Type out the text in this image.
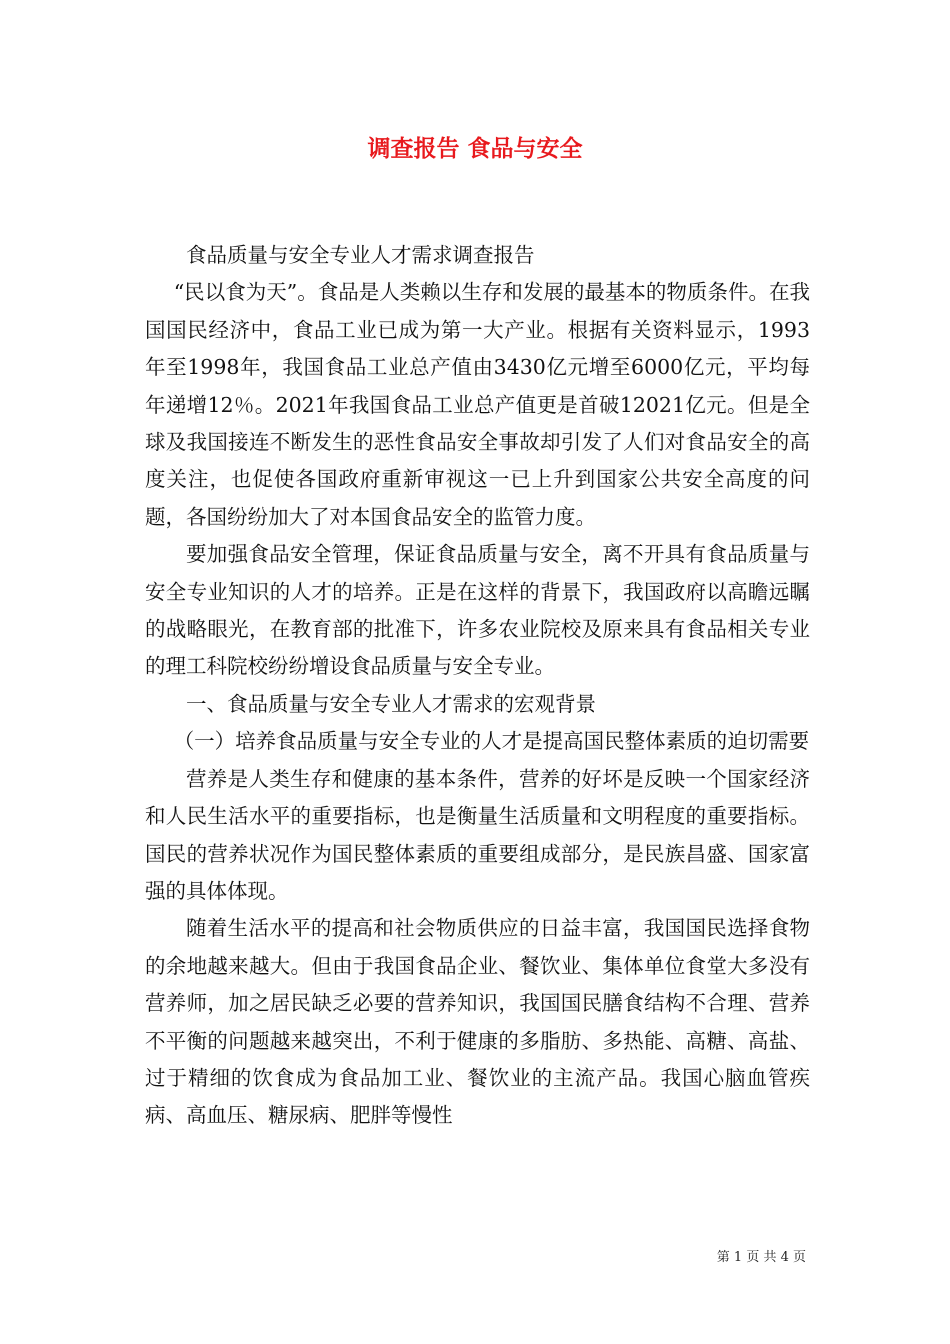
调查报告 食品与安全

食品质量与安全专业人才需求调查报告

“民以食为天”。食品是人类赖以生存和发展的最基本的物质条件。在我国国民经济中，食品工业已成为第一大产业。根据有关资料显示，1993年至1998年，我国食品工业总产值由3430亿元增至6000亿元，平均每年递增12％。2021年我国食品工业总产值更是首破12021亿元。但是全球及我国接连不断发生的恶性食品安全事故却引发了人们对食品安全的高度关注，也促使各国政府重新审视这一已上升到国家公共安全高度的问题，各国纷纷加大了对本国食品安全的监管力度。

要加强食品安全管理，保证食品质量与安全，离不开具有食品质量与安全专业知识的人才的培养。正是在这样的背景下，我国政府以高瞻远瞩的战略眼光，在教育部的批准下，许多农业院校及原来具有食品相关专业的理工科院校纷纷增设食品质量与安全专业。

一、食品质量与安全专业人才需求的宏观背景

（一）培养食品质量与安全专业的人才是提高国民整体素质的迫切需要

营养是人类生存和健康的基本条件，营养的好坏是反映一个国家经济和人民生活水平的重要指标，也是衡量生活质量和文明程度的重要指标。国民的营养状况作为国民整体素质的重要组成部分，是民族昌盛、国家富强的具体体现。

随着生活水平的提高和社会物质供应的日益丰富，我国国民选择食物的余地越来越大。但由于我国食品企业、餐饮业、集体单位食堂大多没有营养师，加之居民缺乏必要的营养知识，我国国民膳食结构不合理、营养不平衡的问题越来越突出，不利于健康的多脂肪、多热能、高糖、高盐、过于精细的饮食成为食品加工业、餐饮业的主流产品。我国心脑血管疾病、高血压、糖尿病、肥胖等慢性

第 1 页 共 4 页
